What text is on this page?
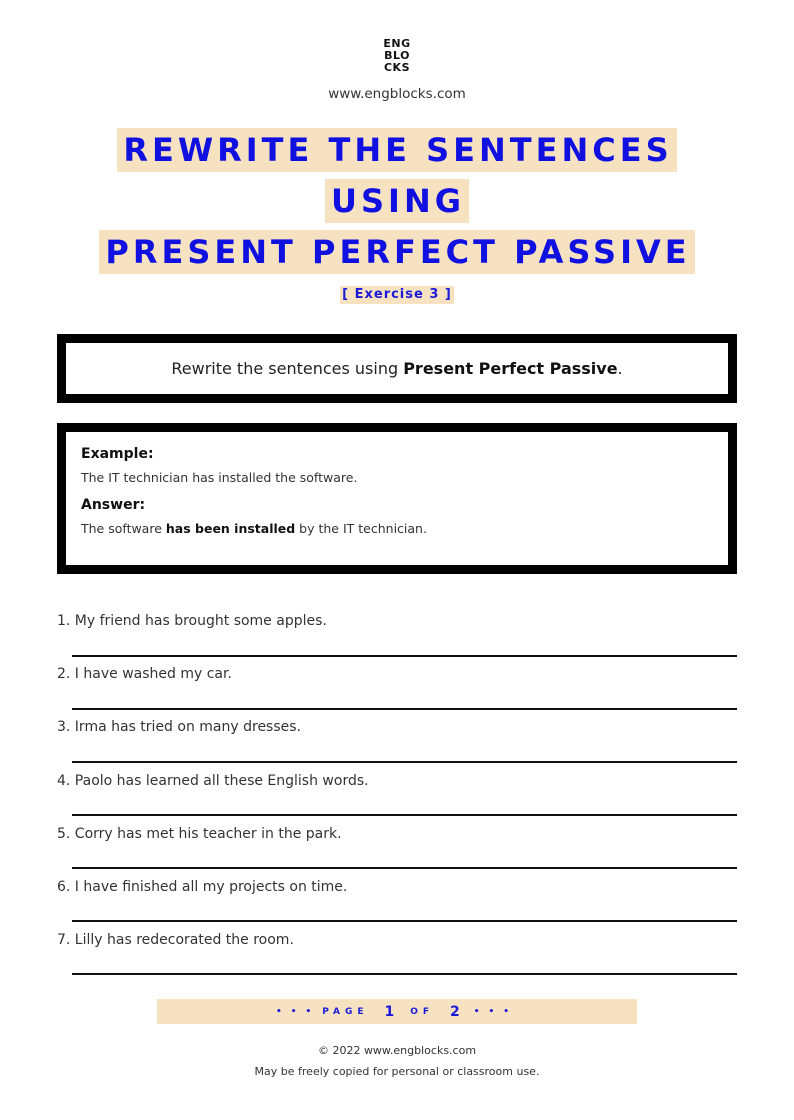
ENG
BLO
CKS
www.engblocks.com
REWRITE THE SENTENCES
USING
PRESENT PERFECT PASSIVE
[ Exercise 3 ]
Rewrite the sentences using Present Perfect Passive.
Example:
The IT technician has installed the software.
Answer:
The software has been installed by the IT technician.
1. My friend has brought some apples.
2. I have washed my car.
3. Irma has tried on many dresses.
4. Paolo has learned all these English words.
5. Corry has met his teacher in the park.
6. I have finished all my projects on time.
7. Lilly has redecorated the room.
••• PAGE 1 OF 2 •••
© 2022 www.engblocks.com
May be freely copied for personal or classroom use.
